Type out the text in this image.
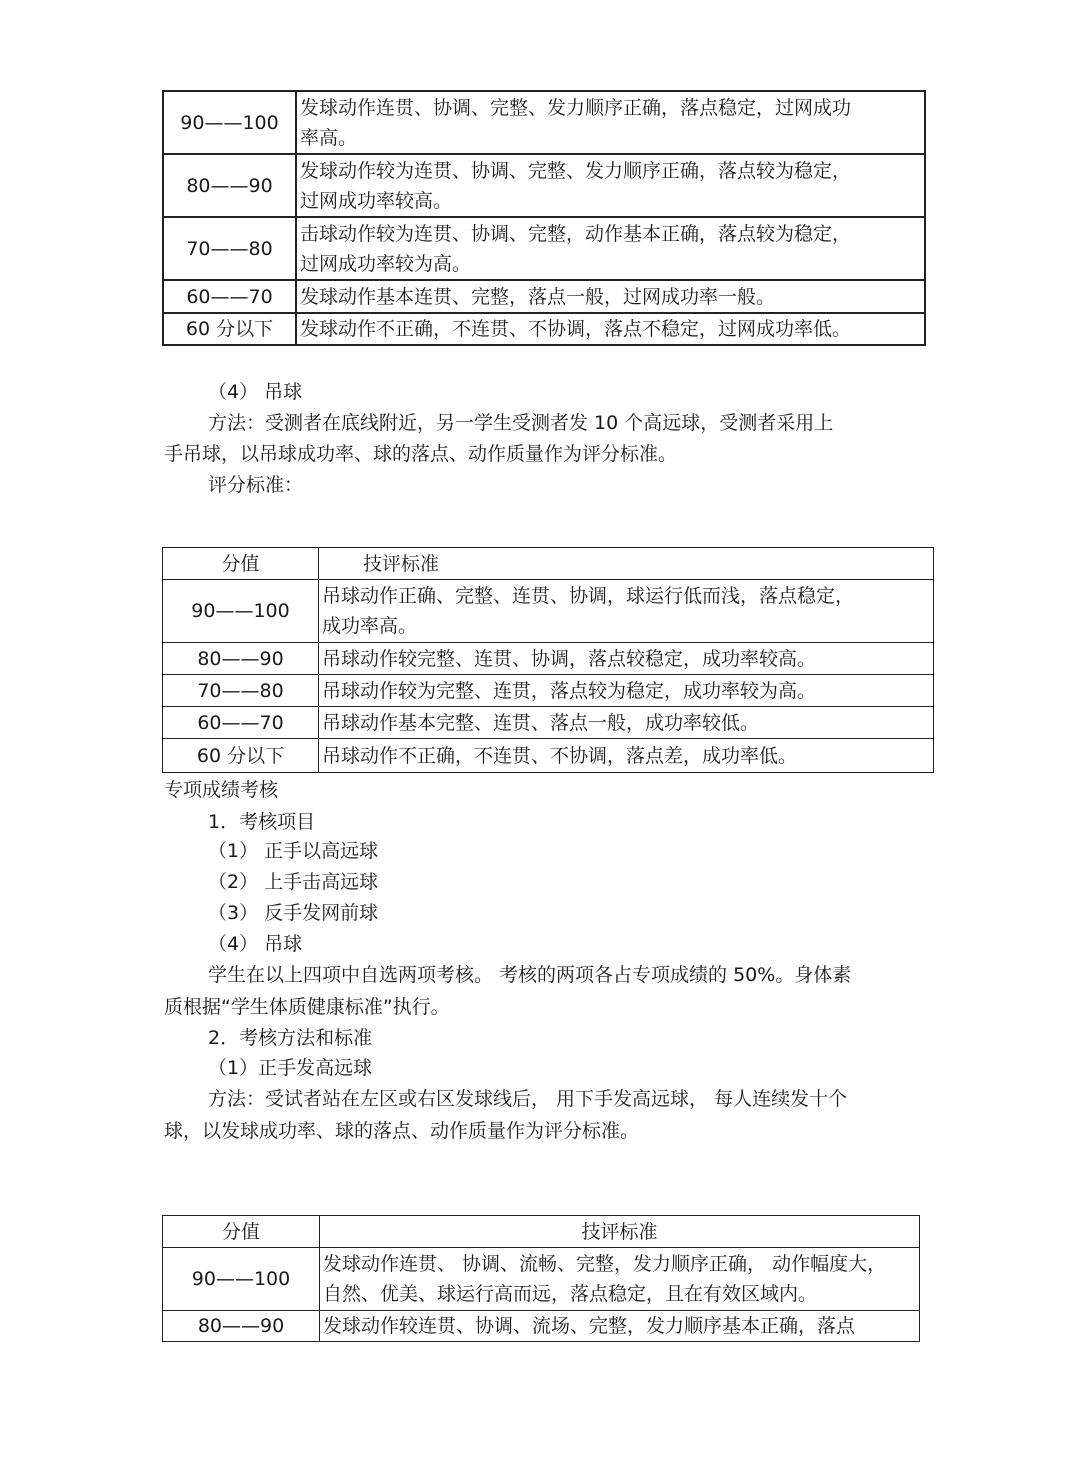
90——100	发球动作连贯、协调、完整、发力顺序正确，落点稳定，过网成功
率高。
80——90	发球动作较为连贯、协调、完整、发力顺序正确，落点较为稳定，
过网成功率较高。
70——80	击球动作较为连贯、协调、完整，动作基本正确，落点较为稳定，
过网成功率较为高。
60——70	发球动作基本连贯、完整，落点一般，过网成功率一般。
60 分以下	发球动作不正确，不连贯、不协调，落点不稳定，过网成功率低。
（4） 吊球
方法：受测者在底线附近，另一学生受测者发 10 个高远球，受测者采用上
手吊球，以吊球成功率、球的落点、动作质量作为评分标准。
评分标准：
分值	技评标准
90——100	吊球动作正确、完整、连贯、协调，球运行低而浅，落点稳定，
成功率高。
80——90	吊球动作较完整、连贯、协调，落点较稳定，成功率较高。
70——80	吊球动作较为完整、连贯，落点较为稳定，成功率较为高。
60——70	吊球动作基本完整、连贯、落点一般，成功率较低。
60 分以下	吊球动作不正确，不连贯、不协调，落点差，成功率低。
专项成绩考核
1．考核项目
（1） 正手以高远球
（2） 上手击高远球
（3） 反手发网前球
（4） 吊球
学生在以上四项中自选两项考核。 考核的两项各占专项成绩的 50%。身体素
质根据“学生体质健康标准”执行。
2．考核方法和标准
（1）正手发高远球
方法：受试者站在左区或右区发球线后， 用下手发高远球， 每人连续发十个
球，以发球成功率、球的落点、动作质量作为评分标准。
分值	技评标准
90——100	发球动作连贯、 协调、流畅、完整，发力顺序正确， 动作幅度大，
自然、优美、球运行高而远，落点稳定，且在有效区域内。
80——90	发球动作较连贯、协调、流场、完整，发力顺序基本正确，落点
